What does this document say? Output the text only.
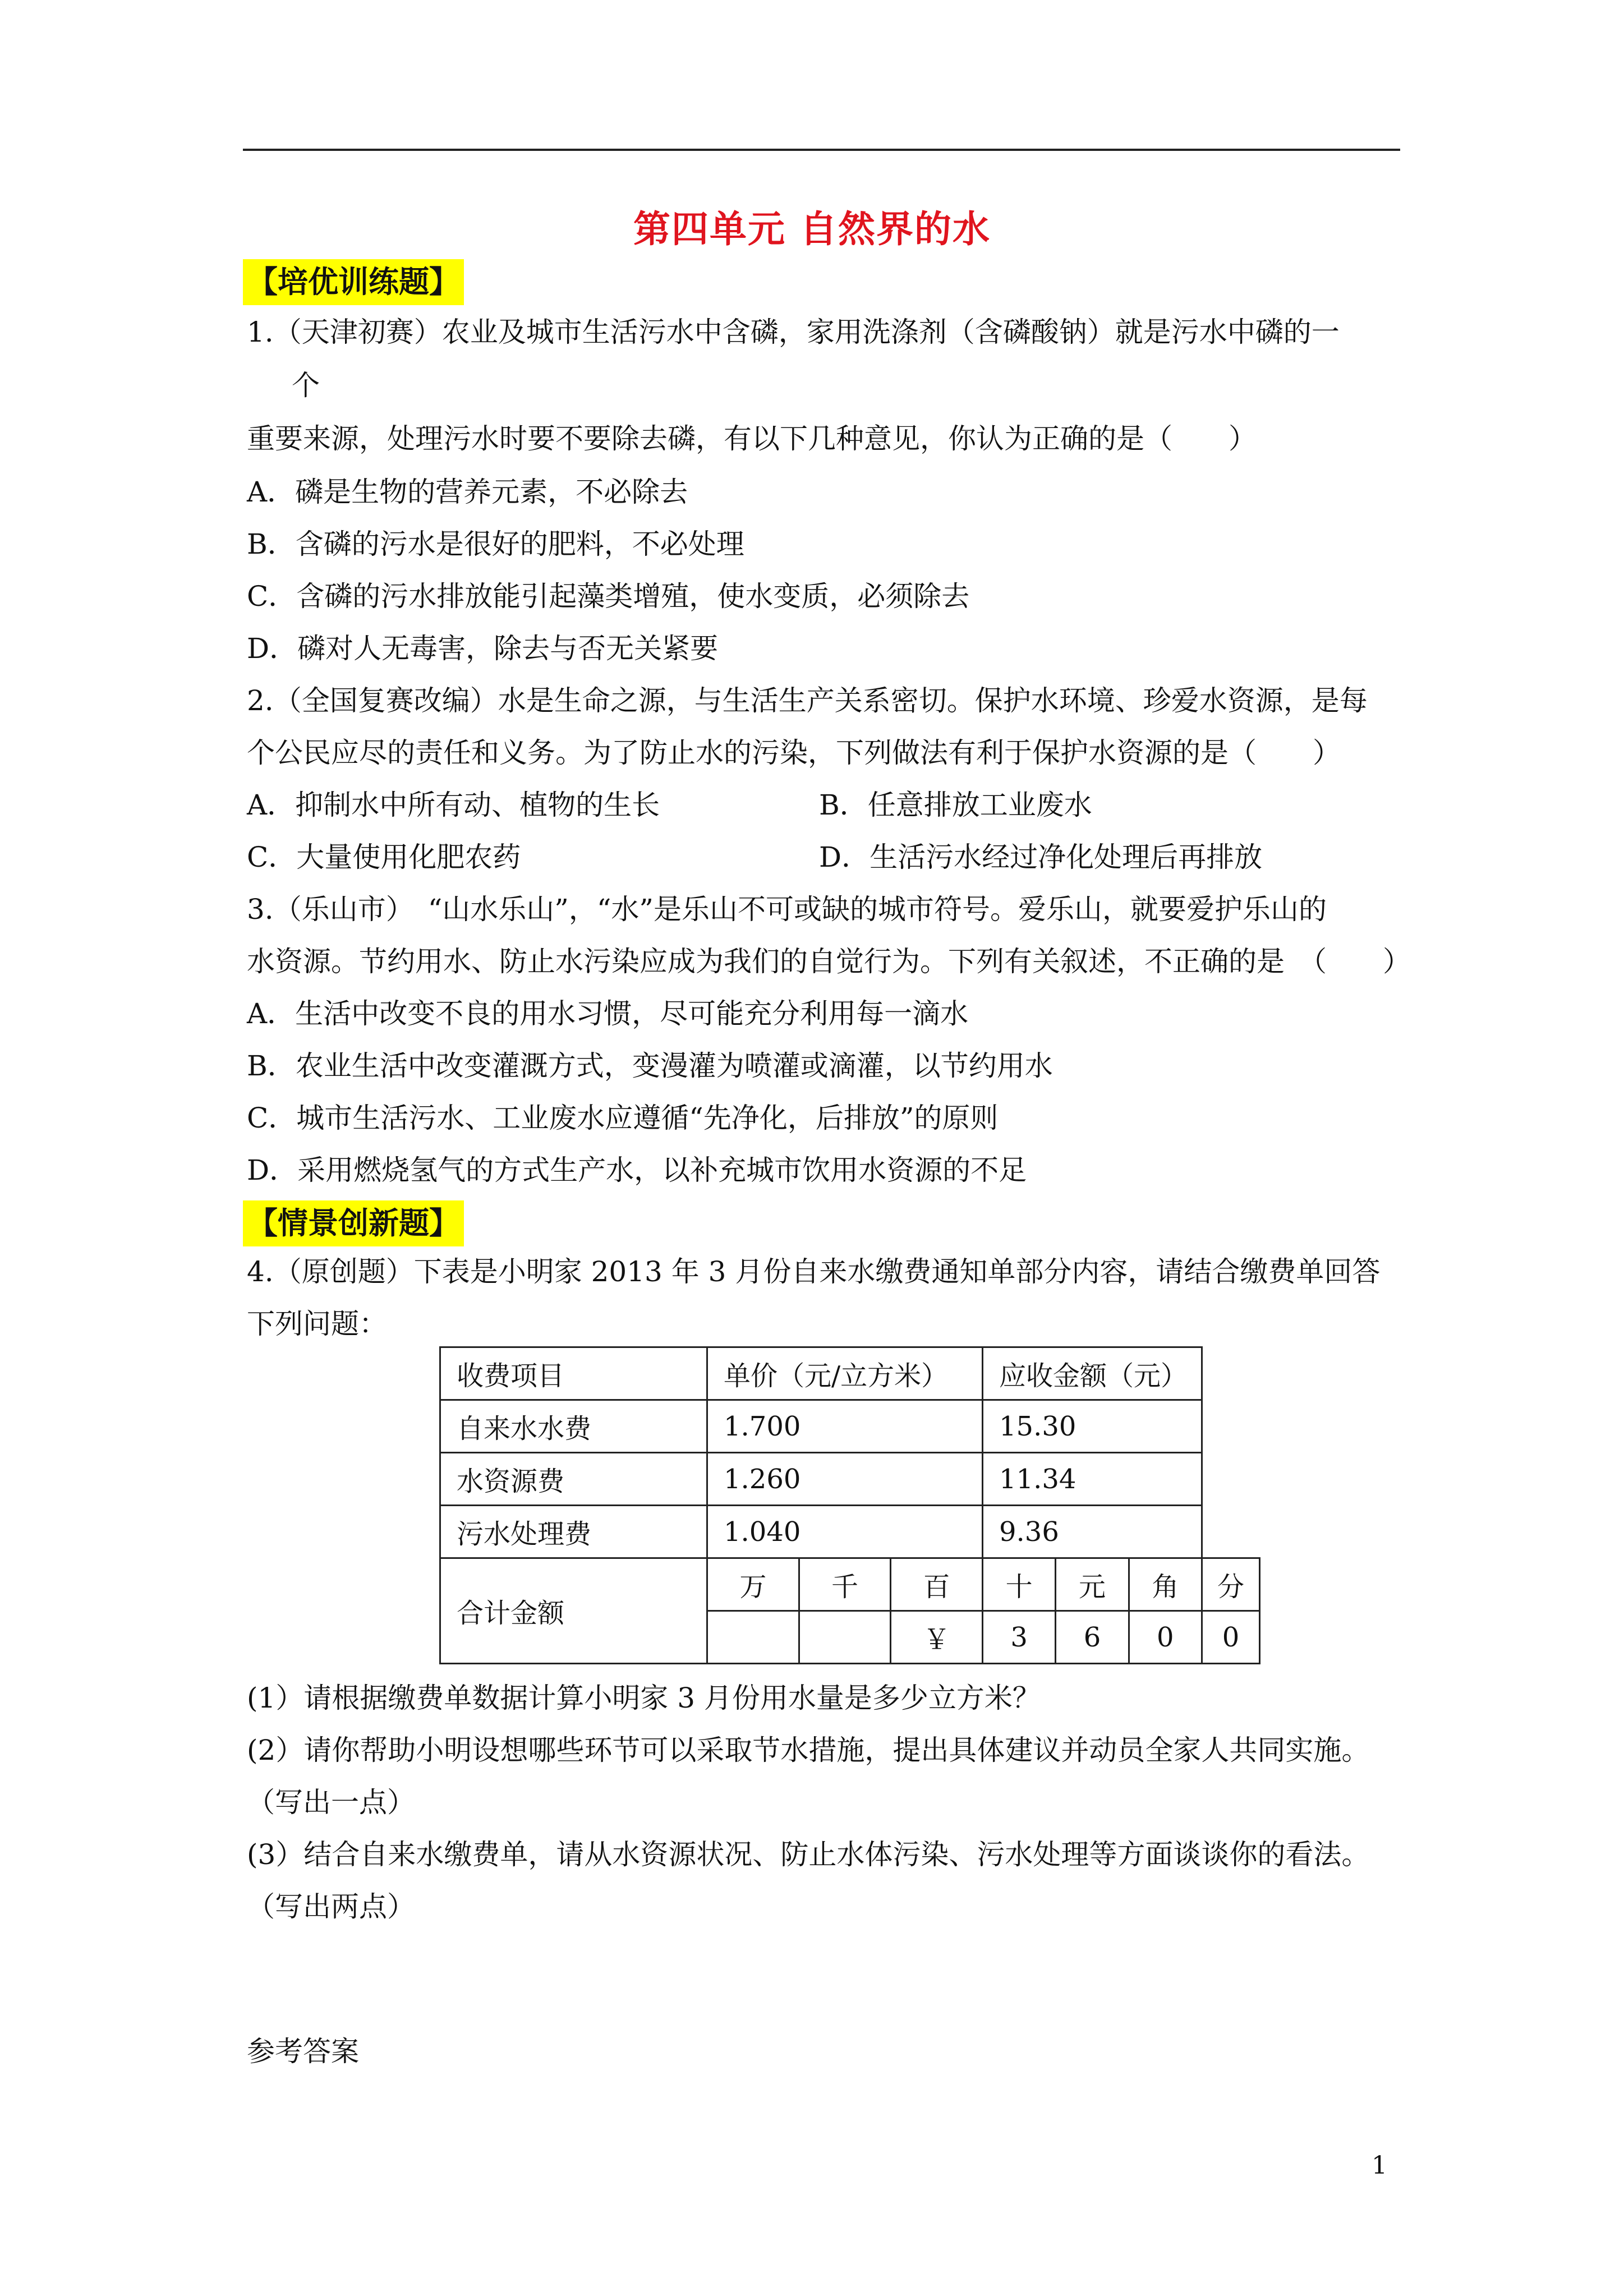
第四单元 自然界的水
【培优训练题】
1.（天津初赛）农业及城市生活污水中含磷，家用洗涤剂（含磷酸钠）就是污水中磷的一
个
重要来源，处理污水时要不要除去磷，有以下几种意见，你认为正确的是（　　）
A．磷是生物的营养元素，不必除去
B．含磷的污水是很好的肥料，不必处理
C．含磷的污水排放能引起藻类增殖，使水变质，必须除去
D．磷对人无毒害，除去与否无关紧要
2.（全国复赛改编）水是生命之源，与生活生产关系密切。保护水环境、珍爱水资源，是每
个公民应尽的责任和义务。为了防止水的污染，下列做法有利于保护水资源的是（　　）
A．抑制水中所有动、植物的生长	B．任意排放工业废水
C．大量使用化肥农药	D．生活污水经过净化处理后再排放
3.（乐山市）　“山水乐山”，“水”是乐山不可或缺的城市符号。爱乐山，就要爱护乐山的
水资源。节约用水、防止水污染应成为我们的自觉行为。下列有关叙述，不正确的是　（　　）
A．生活中改变不良的用水习惯，尽可能充分利用每一滴水
B．农业生活中改变灌溉方式，变漫灌为喷灌或滴灌，以节约用水
C．城市生活污水、工业废水应遵循“先净化，后排放”的原则
D．采用燃烧氢气的方式生产水，以补充城市饮用水资源的不足
【情景创新题】
4.（原创题）下表是小明家 2013 年 3 月份自来水缴费通知单部分内容，请结合缴费单回答
下列问题：
收费项目	单价（元/立方米）			应收金额（元）			
自来水水费	1.700			15.30			
水资源费	1.260			11.34			
污水处理费	1.040			9.36			
合计金额	万	千	百	十	元	角	分
			￥	3	6	0	0
(1）请根据缴费单数据计算小明家 3 月份用水量是多少立方米？
(2）请你帮助小明设想哪些环节可以采取节水措施，提出具体建议并动员全家人共同实施。
（写出一点）
(3）结合自来水缴费单，请从水资源状况、防止水体污染、污水处理等方面谈谈你的看法。
（写出两点）
参考答案
1
